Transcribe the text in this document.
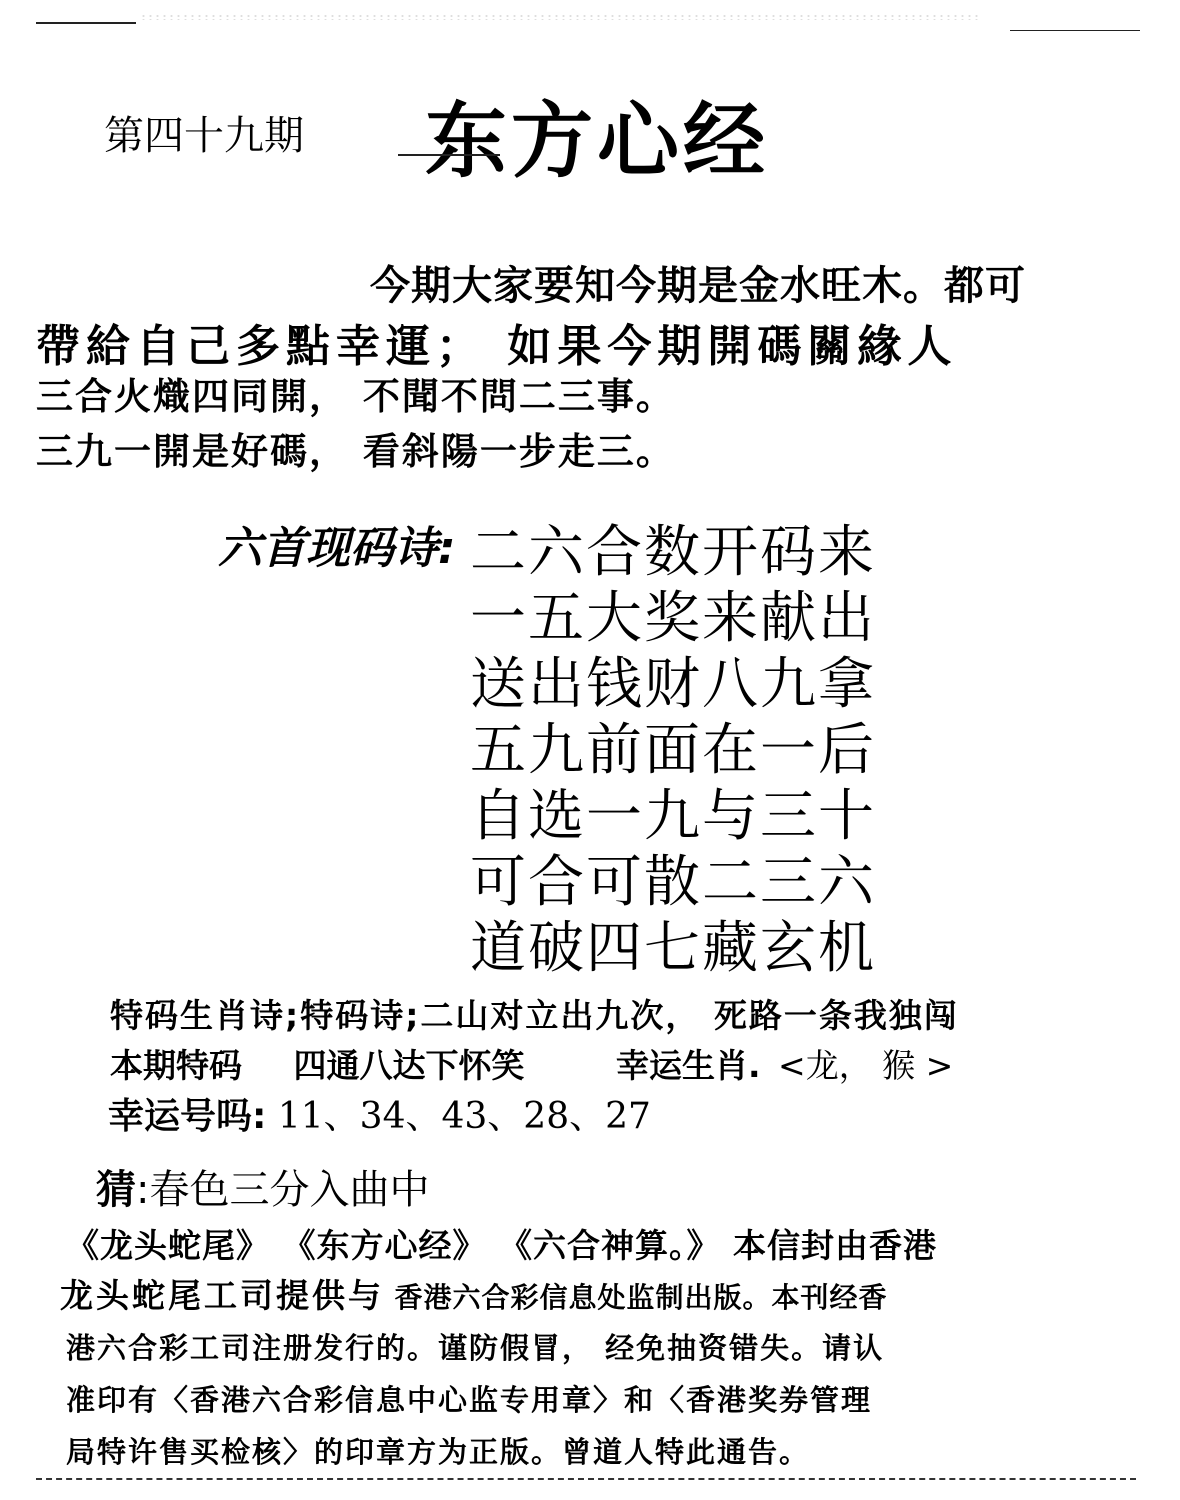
第四十九期 东方心经
今期大家要知今期是金水旺木。都可
帶給自己多點幸運； 如果今期開碼關緣人
三合火熾四同開， 不聞不問二三事。
三九一開是好碼， 看斜陽一步走三。
六首现码诗: 二六合数开码来
一五大奖来献出
送出钱财八九拿
五九前面在一后
自选一九与三十
可合可散二三六
道破四七藏玄机
特码生肖诗;特码诗;二山对立出九次， 死路一条我独闯
本期特码 四通八达下怀笑	幸运生肖. <龙， 猴 >
幸运号吗: 11、34、43、28、27
猜:春色三分入曲中
《龙头蛇尾》 《东方心经》 《六合神算。》 本信封由香港
龙头蛇尾工司提供与 香港六合彩信息处监制出版。本刊经香
港六合彩工司注册发行的。谨防假冒， 经免抽资错失。请认
准印有〈香港六合彩信息中心监专用章〉和〈香港奖券管理
局特许售买检核〉的印章方为正版。曾道人特此通告。
